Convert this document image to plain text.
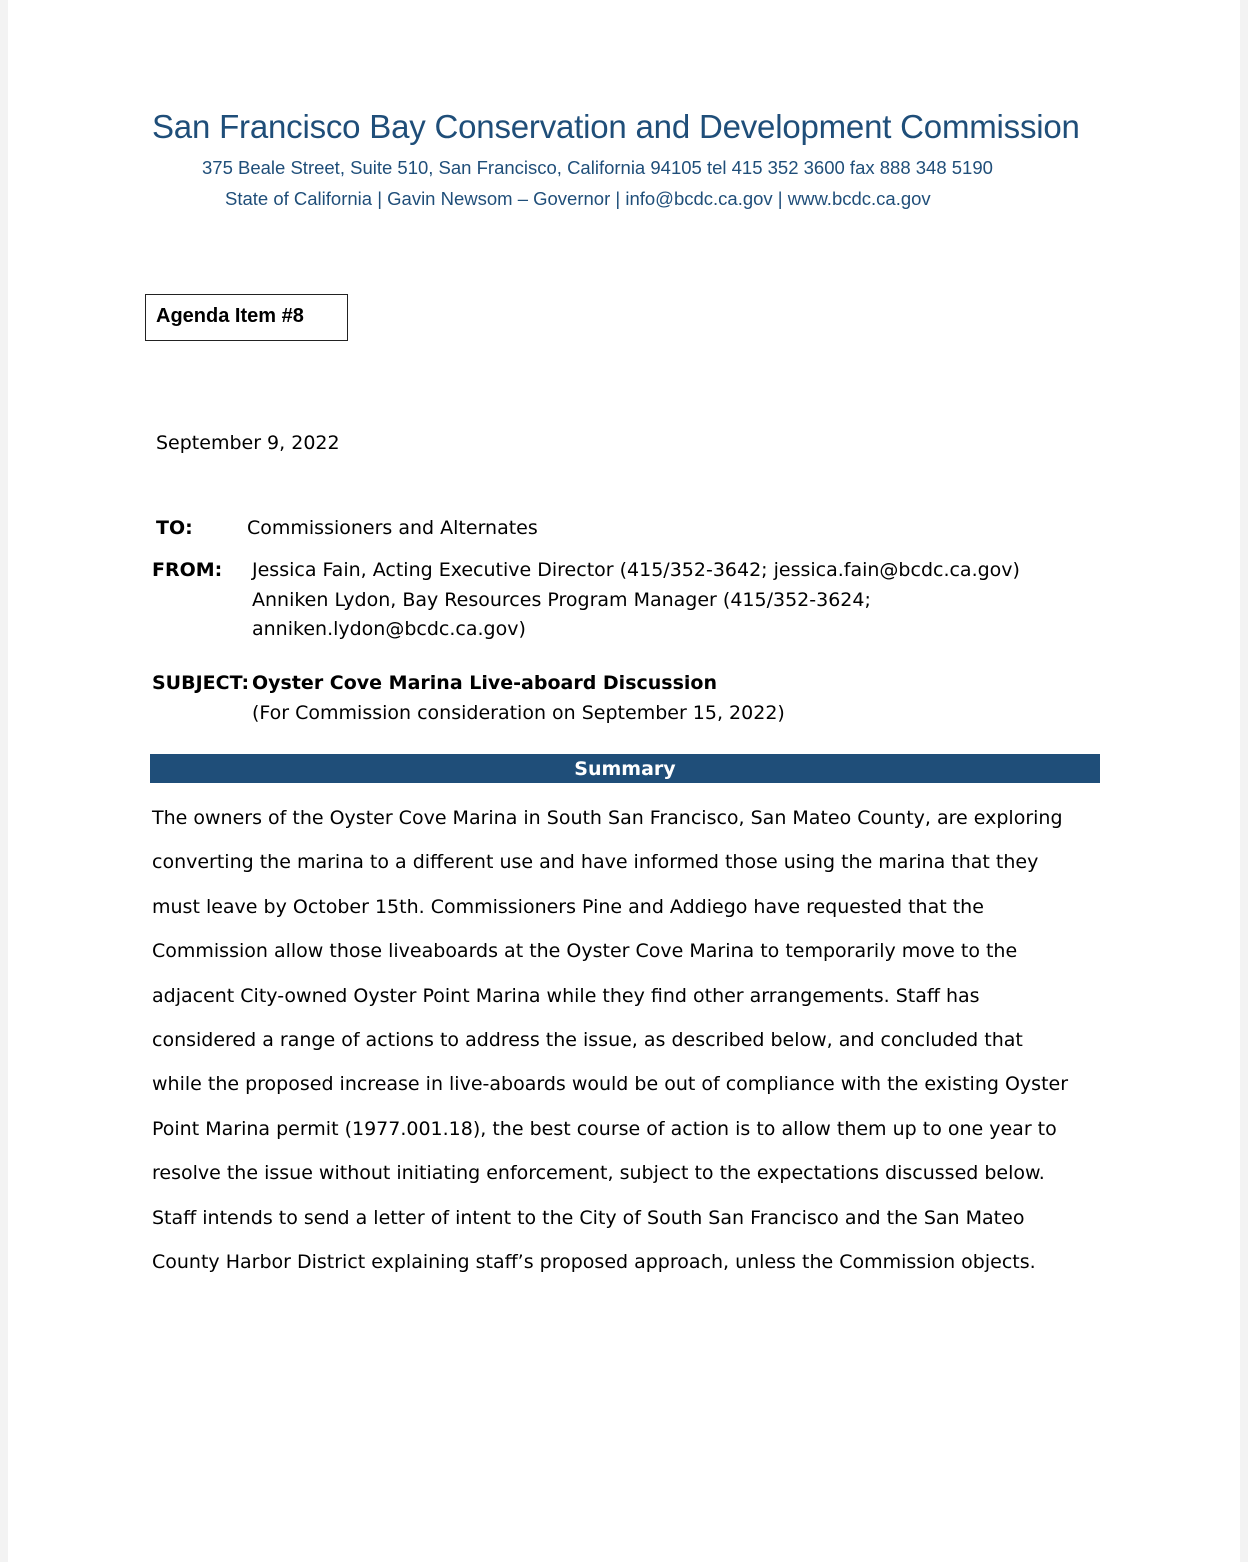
San Francisco Bay Conservation and Development Commission
375 Beale Street, Suite 510, San Francisco, California 94105 tel 415 352 3600 fax 888 348 5190
State of California | Gavin Newsom – Governor | info@bcdc.ca.gov | www.bcdc.ca.gov
Agenda Item #8
September 9, 2022
TO:	Commissioners and Alternates
FROM: Jessica Fain, Acting Executive Director (415/352-3642; jessica.fain@bcdc.ca.gov)
Anniken Lydon, Bay Resources Program Manager (415/352-3624;
anniken.lydon@bcdc.ca.gov)
SUBJECT: Oyster Cove Marina Live-aboard Discussion
(For Commission consideration on September 15, 2022)
Summary
The owners of the Oyster Cove Marina in South San Francisco, San Mateo County, are exploring
converting the marina to a different use and have informed those using the marina that they
must leave by October 15th. Commissioners Pine and Addiego have requested that the
Commission allow those liveaboards at the Oyster Cove Marina to temporarily move to the
adjacent City-owned Oyster Point Marina while they find other arrangements. Staff has
considered a range of actions to address the issue, as described below, and concluded that
while the proposed increase in live-aboards would be out of compliance with the existing Oyster
Point Marina permit (1977.001.18), the best course of action is to allow them up to one year to
resolve the issue without initiating enforcement, subject to the expectations discussed below.
Staff intends to send a letter of intent to the City of South San Francisco and the San Mateo
County Harbor District explaining staff’s proposed approach, unless the Commission objects.
